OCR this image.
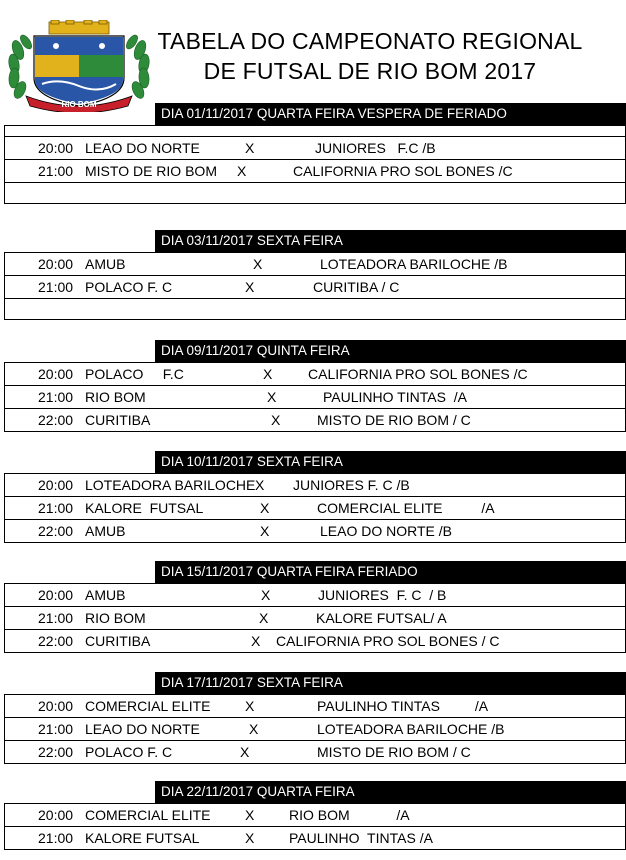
RIO BOM
TABELA DO CAMPEONATO REGIONAL
DE FUTSAL DE RIO BOM 2017
DIA 01/11/2017 QUARTA FEIRA VESPERA DE FERIADO
20:00 LEAO DO NORTE	X	JUNIORES   F.C /B
21:00 MISTO DE RIO BOM X	CALIFORNIA PRO SOL BONES /C
DIA 03/11/2017 SEXTA FEIRA
20:00 AMUB	X	LOTEADORA BARILOCHE /B
21:00 POLACO F. C	X	CURITIBA / C
DIA 09/11/2017 QUINTA FEIRA
20:00 POLACO     F.C	X	CALIFORNIA PRO SOL BONES /C
21:00 RIO BOM	X	PAULINHO TINTAS  /A
22:00 CURITIBA	X	MISTO DE RIO BOM / C
DIA 10/11/2017 SEXTA FEIRA
20:00 LOTEADORA BARILOCHE X JUNIORES F. C /B
21:00 KALORE  FUTSAL	X	COMERCIAL ELITE          /A
22:00 AMUB	X	LEAO DO NORTE /B
DIA 15/11/2017 QUARTA FEIRA FERIADO
20:00 AMUB	X	JUNIORES  F. C  / B
21:00 RIO BOM	X	KALORE FUTSAL/ A
22:00 CURITIBA	X CALIFORNIA PRO SOL BONES / C
DIA 17/11/2017 SEXTA FEIRA
20:00 COMERCIAL ELITE X	PAULINHO TINTAS         /A
21:00 LEAO DO NORTE	X	LOTEADORA BARILOCHE /B
22:00 POLACO F. C	X	MISTO DE RIO BOM / C
DIA 22/11/2017 QUARTA FEIRA
20:00 COMERCIAL ELITE X RIO BOM            /A
21:00 KALORE FUTSAL	X PAULINHO  TINTAS /A
